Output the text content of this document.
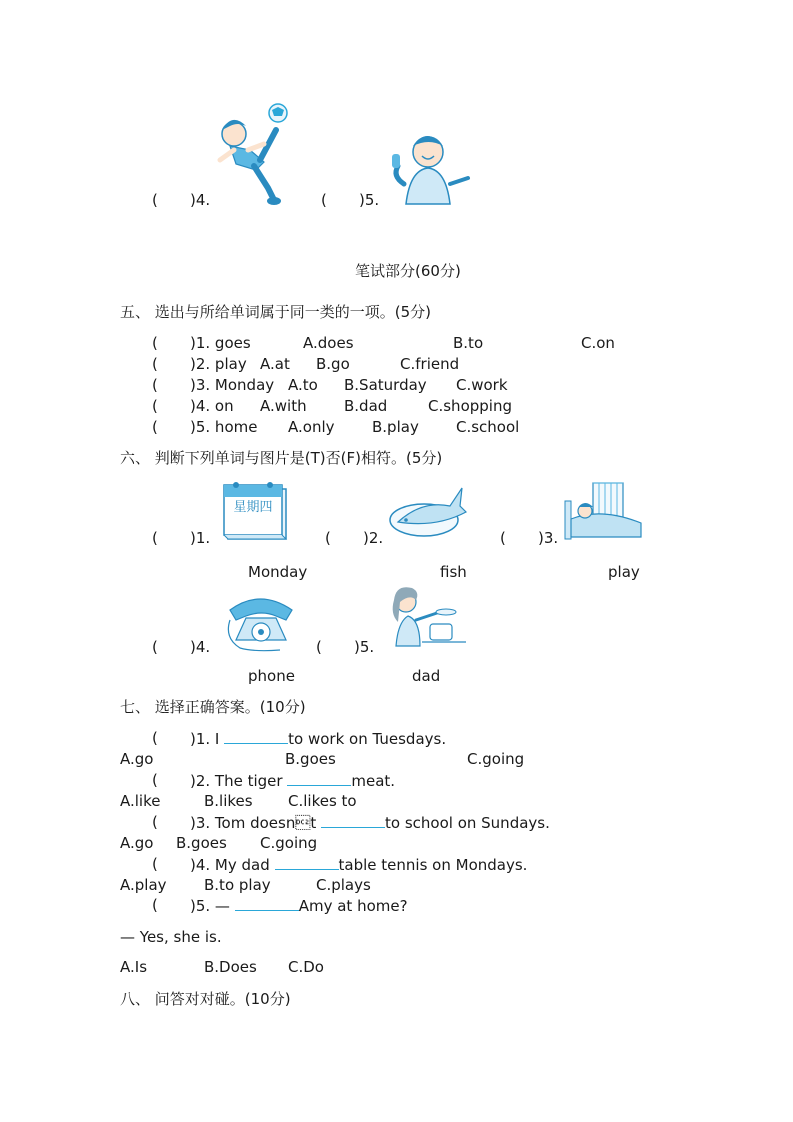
( )4.	( )5.
笔试部分(60分)
五、 选出与所给单词属于同一类的一项。(5分)
( )1. goes	A.does	B.to	C.on
( )2. play A.at B.go	C.friend
( )3. Monday A.to B.Saturday C.work
( )4. on A.with B.dad	C.shopping
( )5. home A.only	B.play C.school
六、 判断下列单词与图片是(T)否(F)相符。(5分)
星期四
( )1.	( )2.	( )3.
Monday	fish	play
( )4.	( )5.
phone	dad
七、 选择正确答案。(10分)
( )1. I	to work on Tuesdays.
A.go	B.goes	C.going
( )2. The tiger	meat.
A.like	B.likes C.likes to
( )3. Tom doesnt	to school on Sundays.
A.go B.goes C.going
( )4. My dad	table tennis on Mondays.
A.play B.to play	C.plays
( )5. —	Amy at home?
— Yes, she is.
A.Is	B.Does C.Do
八、 问答对对碰。(10分)
